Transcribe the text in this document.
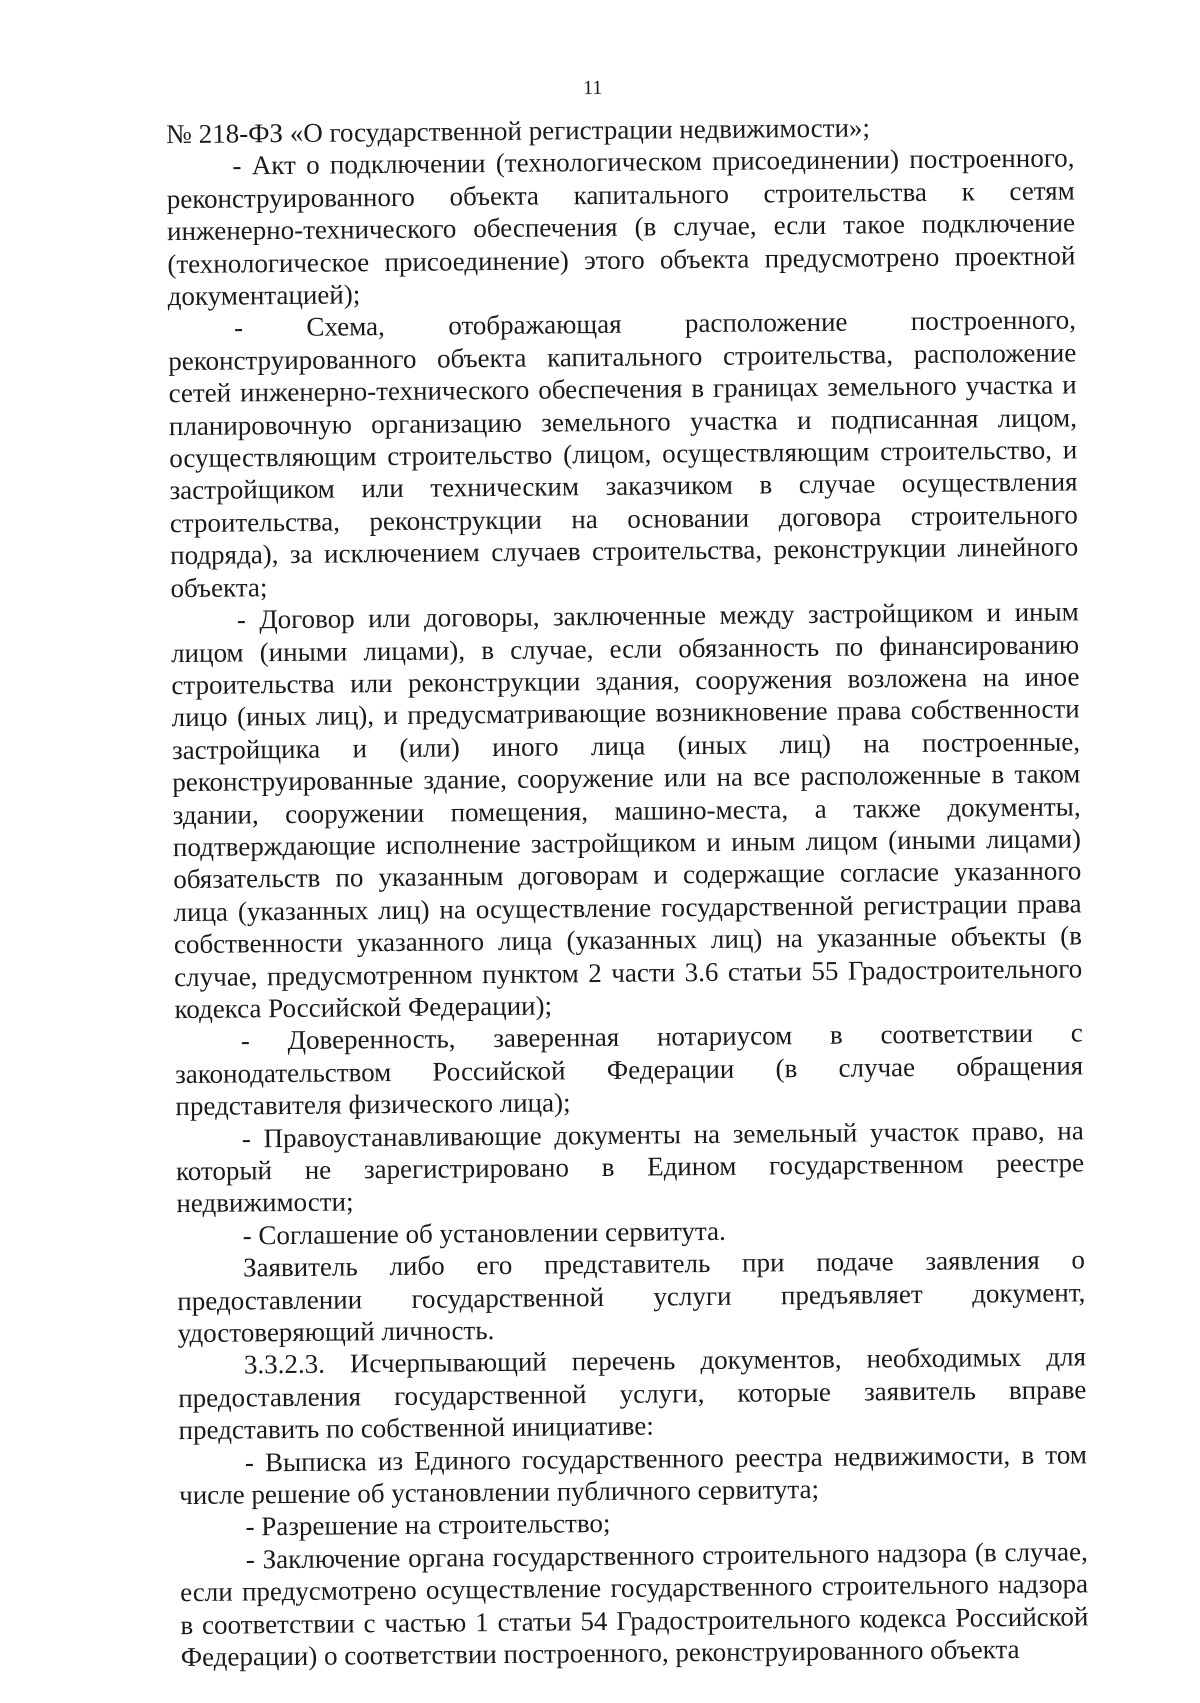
11

№ 218-ФЗ «О государственной регистрации недвижимости»;

- Акт о подключении (технологическом присоединении) построенного, реконструированного объекта капитального строительства к сетям инженерно-технического обеспечения (в случае, если такое подключение (технологическое присоединение) этого объекта предусмотрено проектной документацией);

- Схема, отображающая расположение построенного, реконструированного объекта капитального строительства, расположение сетей инженерно-технического обеспечения в границах земельного участка и планировочную организацию земельного участка и подписанная лицом, осуществляющим строительство (лицом, осуществляющим строительство, и застройщиком или техническим заказчиком в случае осуществления строительства, реконструкции на основании договора строительного подряда), за исключением случаев строительства, реконструкции линейного объекта;

- Договор или договоры, заключенные между застройщиком и иным лицом (иными лицами), в случае, если обязанность по финансированию строительства или реконструкции здания, сооружения возложена на иное лицо (иных лиц), и предусматривающие возникновение права собственности застройщика и (или) иного лица (иных лиц) на построенные, реконструированные здание, сооружение или на все расположенные в таком здании, сооружении помещения, машино-места, а также документы, подтверждающие исполнение застройщиком и иным лицом (иными лицами) обязательств по указанным договорам и содержащие согласие указанного лица (указанных лиц) на осуществление государственной регистрации права собственности указанного лица (указанных лиц) на указанные объекты (в случае, предусмотренном пунктом 2 части 3.6 статьи 55 Градостроительного кодекса Российской Федерации);

- Доверенность, заверенная нотариусом в соответствии с законодательством Российской Федерации (в случае обращения представителя физического лица);

- Правоустанавливающие документы на земельный участок право, на который не зарегистрировано в Едином государственном реестре недвижимости;

- Соглашение об установлении сервитута.

Заявитель либо его представитель при подаче заявления о предоставлении государственной услуги предъявляет документ, удостоверяющий личность.

3.3.2.3. Исчерпывающий перечень документов, необходимых для предоставления государственной услуги, которые заявитель вправе представить по собственной инициативе:

- Выписка из Единого государственного реестра недвижимости, в том числе решение об установлении публичного сервитута;

- Разрешение на строительство;

- Заключение органа государственного строительного надзора (в случае, если предусмотрено осуществление государственного строительного надзора в соответствии с частью 1 статьи 54 Градостроительного кодекса Российской Федерации) о соответствии построенного, реконструированного объекта
